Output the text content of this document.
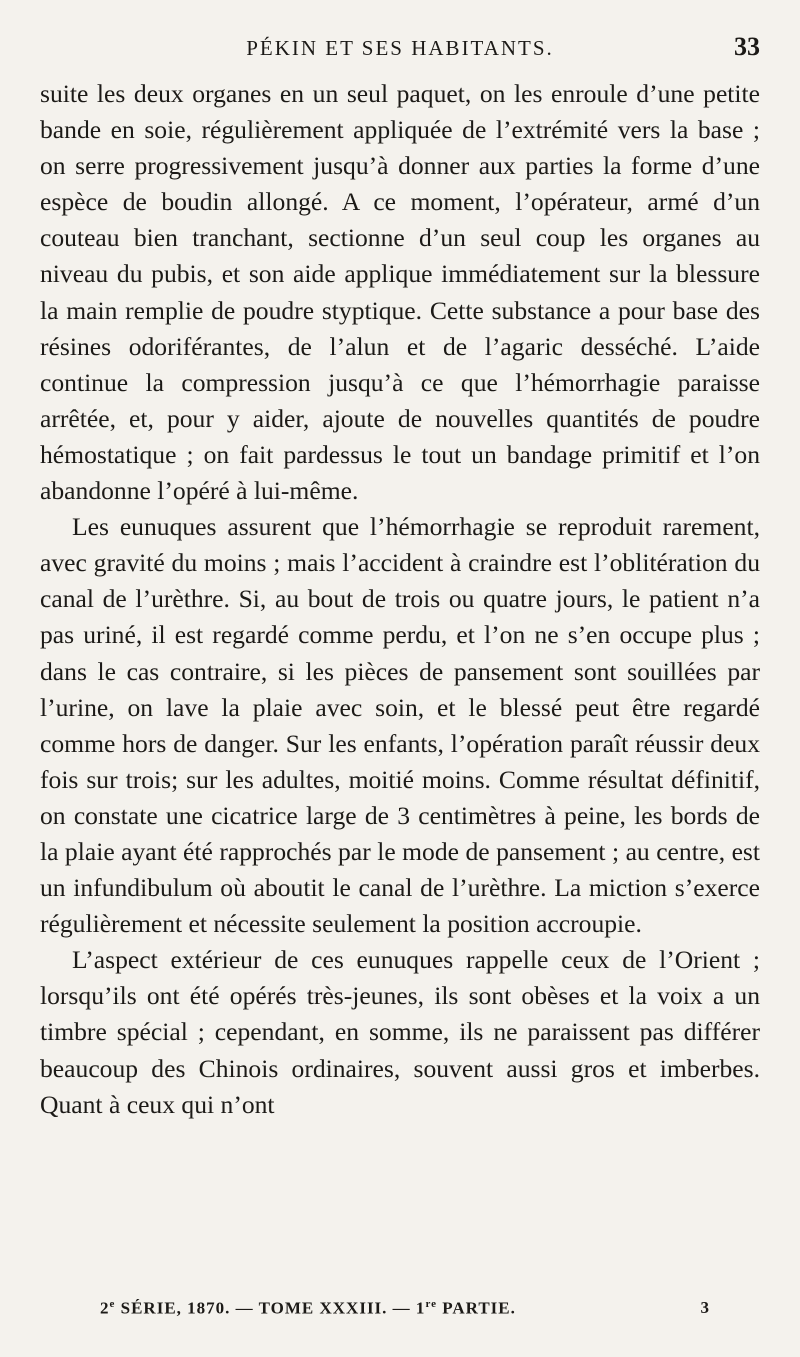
PÉKIN ET SES HABITANTS.	33

suite les deux organes en un seul paquet, on les enroule d’une petite bande en soie, régulièrement appliquée de l’extrémité vers la base ; on serre progressivement jusqu’à donner aux parties la forme d’une espèce de boudin allongé. A ce moment, l’opérateur, armé d’un couteau bien tranchant, sectionne d’un seul coup les organes au niveau du pubis, et son aide applique immédiatement sur la blessure la main remplie de poudre styptique. Cette substance a pour base des résines odoriférantes, de l’alun et de l’agaric desséché. L’aide continue la compression jusqu’à ce que l’hémorrhagie paraisse arrêtée, et, pour y aider, ajoute de nouvelles quantités de poudre hémostatique ; on fait pardessus le tout un bandage primitif et l’on abandonne l’opéré à lui-même.

Les eunuques assurent que l’hémorrhagie se reproduit rarement, avec gravité du moins ; mais l’accident à craindre est l’oblitération du canal de l’urèthre. Si, au bout de trois ou quatre jours, le patient n’a pas uriné, il est regardé comme perdu, et l’on ne s’en occupe plus ; dans le cas contraire, si les pièces de pansement sont souillées par l’urine, on lave la plaie avec soin, et le blessé peut être regardé comme hors de danger. Sur les enfants, l’opération paraît réussir deux fois sur trois; sur les adultes, moitié moins. Comme résultat définitif, on constate une cicatrice large de 3 centimètres à peine, les bords de la plaie ayant été rapprochés par le mode de pansement ; au centre, est un infundibulum où aboutit le canal de l’urèthre. La miction s’exerce régulièrement et nécessite seulement la position accroupie.

L’aspect extérieur de ces eunuques rappelle ceux de l’Orient ; lorsqu’ils ont été opérés très-jeunes, ils sont obèses et la voix a un timbre spécial ; cependant, en somme, ils ne paraissent pas différer beaucoup des Chinois ordinaires, souvent aussi gros et imberbes. Quant à ceux qui n’ont

2e SÉRIE, 1870. — TOME XXXIII. — 1re PARTIE.	3
